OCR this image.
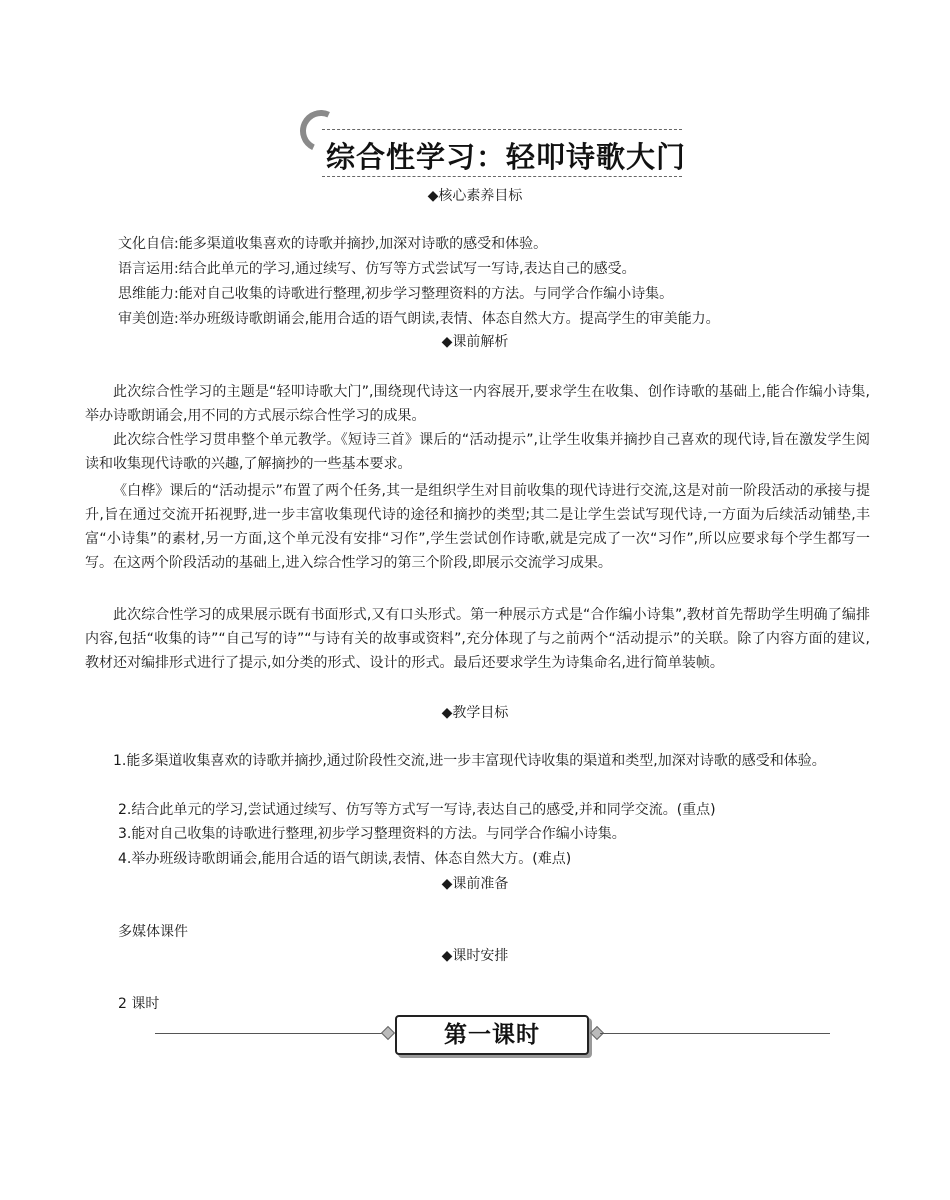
综合性学习：轻叩诗歌大门
◆核心素养目标
文化自信:能多渠道收集喜欢的诗歌并摘抄,加深对诗歌的感受和体验。
语言运用:结合此单元的学习,通过续写、仿写等方式尝试写一写诗,表达自己的感受。
思维能力:能对自己收集的诗歌进行整理,初步学习整理资料的方法。与同学合作编小诗集。
审美创造:举办班级诗歌朗诵会,能用合适的语气朗读,表情、体态自然大方。提高学生的审美能力。
◆课前解析
此次综合性学习的主题是“轻叩诗歌大门”,围绕现代诗这一内容展开,要求学生在收集、创作诗歌的基础上,能合作编小诗集,举办诗歌朗诵会,用不同的方式展示综合性学习的成果。
此次综合性学习贯串整个单元教学。《短诗三首》课后的“活动提示”,让学生收集并摘抄自己喜欢的现代诗,旨在激发学生阅读和收集现代诗歌的兴趣,了解摘抄的一些基本要求。
《白桦》课后的“活动提示”布置了两个任务,其一是组织学生对目前收集的现代诗进行交流,这是对前一阶段活动的承接与提升,旨在通过交流开拓视野,进一步丰富收集现代诗的途径和摘抄的类型;其二是让学生尝试写现代诗,一方面为后续活动铺垫,丰富“小诗集”的素材,另一方面,这个单元没有安排“习作”,学生尝试创作诗歌,就是完成了一次“习作”,所以应要求每个学生都写一写。在这两个阶段活动的基础上,进入综合性学习的第三个阶段,即展示交流学习成果。
此次综合性学习的成果展示既有书面形式,又有口头形式。第一种展示方式是“合作编小诗集”,教材首先帮助学生明确了编排内容,包括“收集的诗”“自己写的诗”“与诗有关的故事或资料”,充分体现了与之前两个“活动提示”的关联。除了内容方面的建议,教材还对编排形式进行了提示,如分类的形式、设计的形式。最后还要求学生为诗集命名,进行简单装帧。
◆教学目标
1.能多渠道收集喜欢的诗歌并摘抄,通过阶段性交流,进一步丰富现代诗收集的渠道和类型,加深对诗歌的感受和体验。
2.结合此单元的学习,尝试通过续写、仿写等方式写一写诗,表达自己的感受,并和同学交流。(重点)
3.能对自己收集的诗歌进行整理,初步学习整理资料的方法。与同学合作编小诗集。
4.举办班级诗歌朗诵会,能用合适的语气朗读,表情、体态自然大方。(难点)
◆课前准备
多媒体课件
◆课时安排
2 课时
第一课时
